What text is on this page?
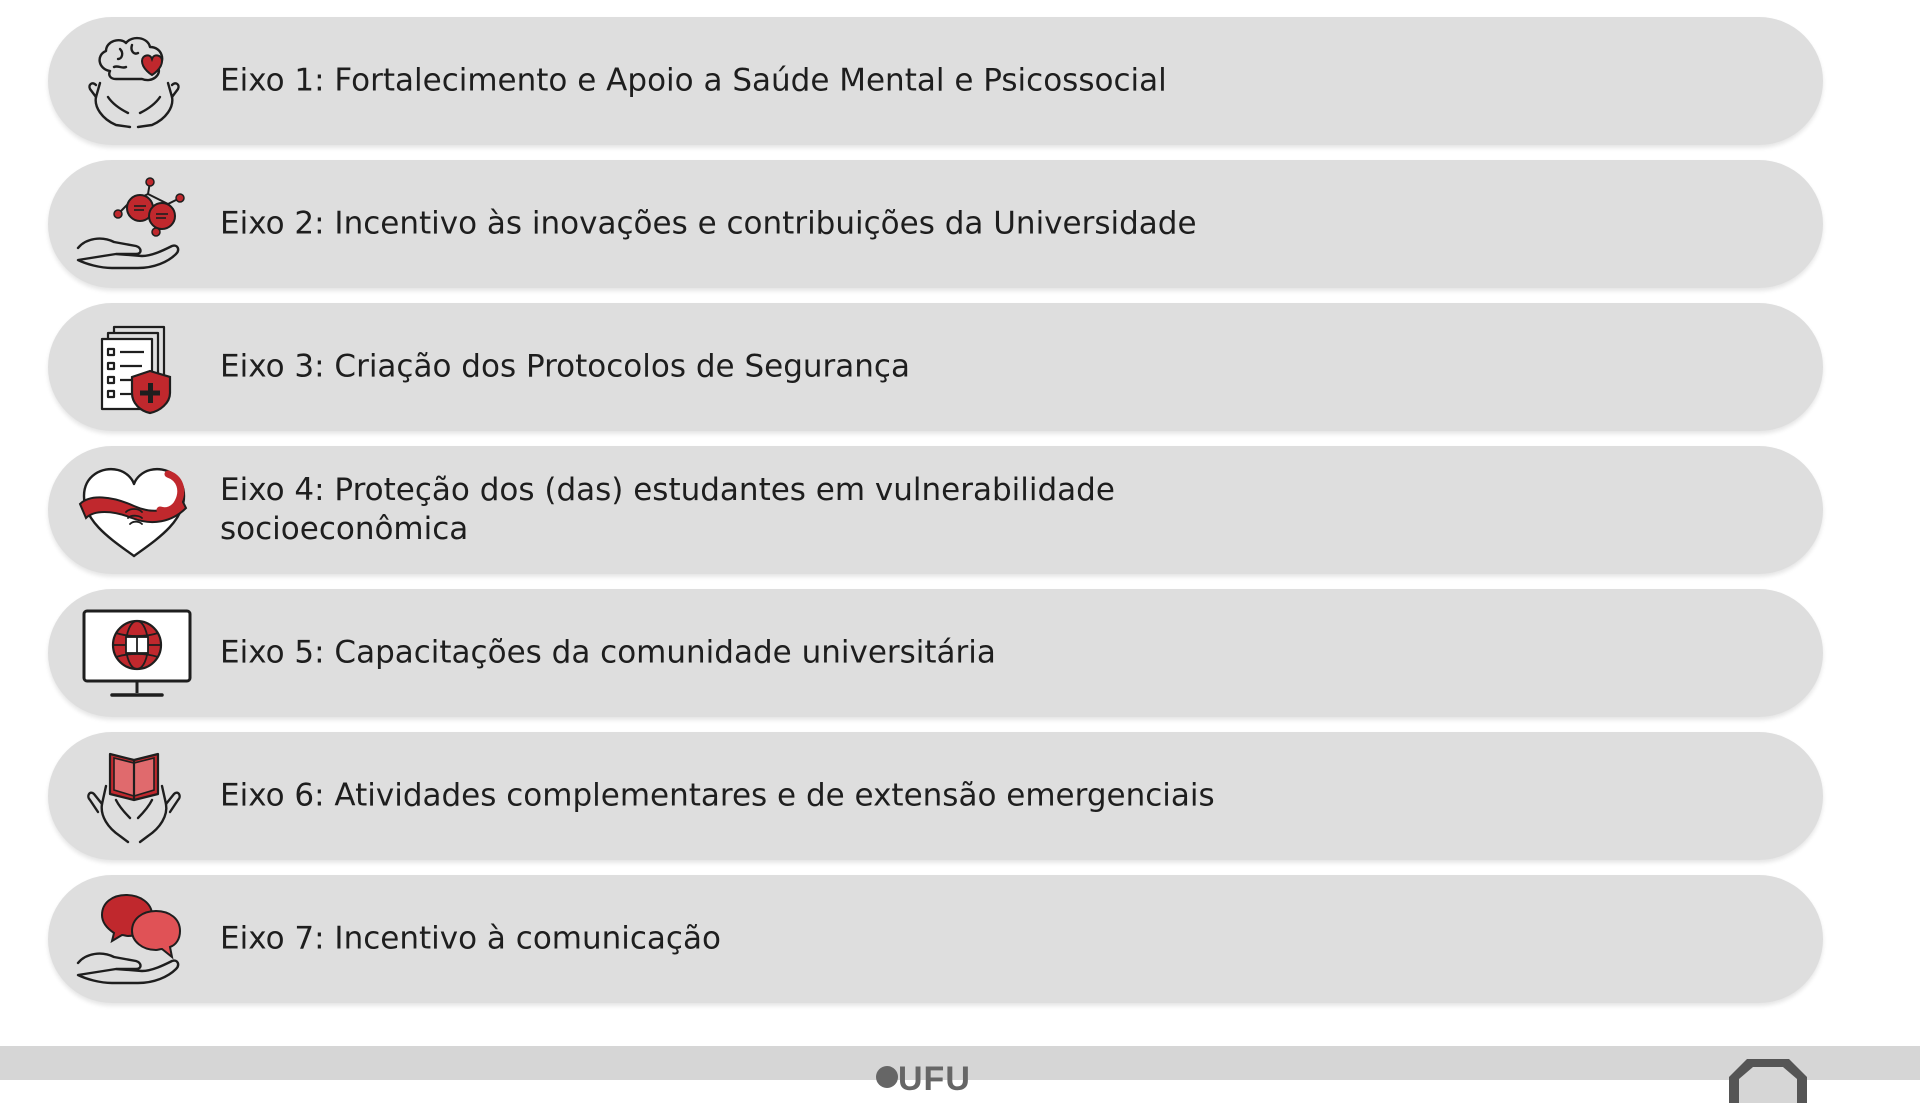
Eixo 1: Fortalecimento e Apoio a Saúde Mental e Psicossocial
Eixo 2: Incentivo às inovações e contribuições da Universidade
Eixo 3: Criação dos Protocolos de Segurança
Eixo 4: Proteção dos (das) estudantes em vulnerabilidade socioeconômica
Eixo 5: Capacitações da comunidade universitária
Eixo 6: Atividades complementares e de extensão emergenciais
Eixo 7: Incentivo à comunicação
UFU
